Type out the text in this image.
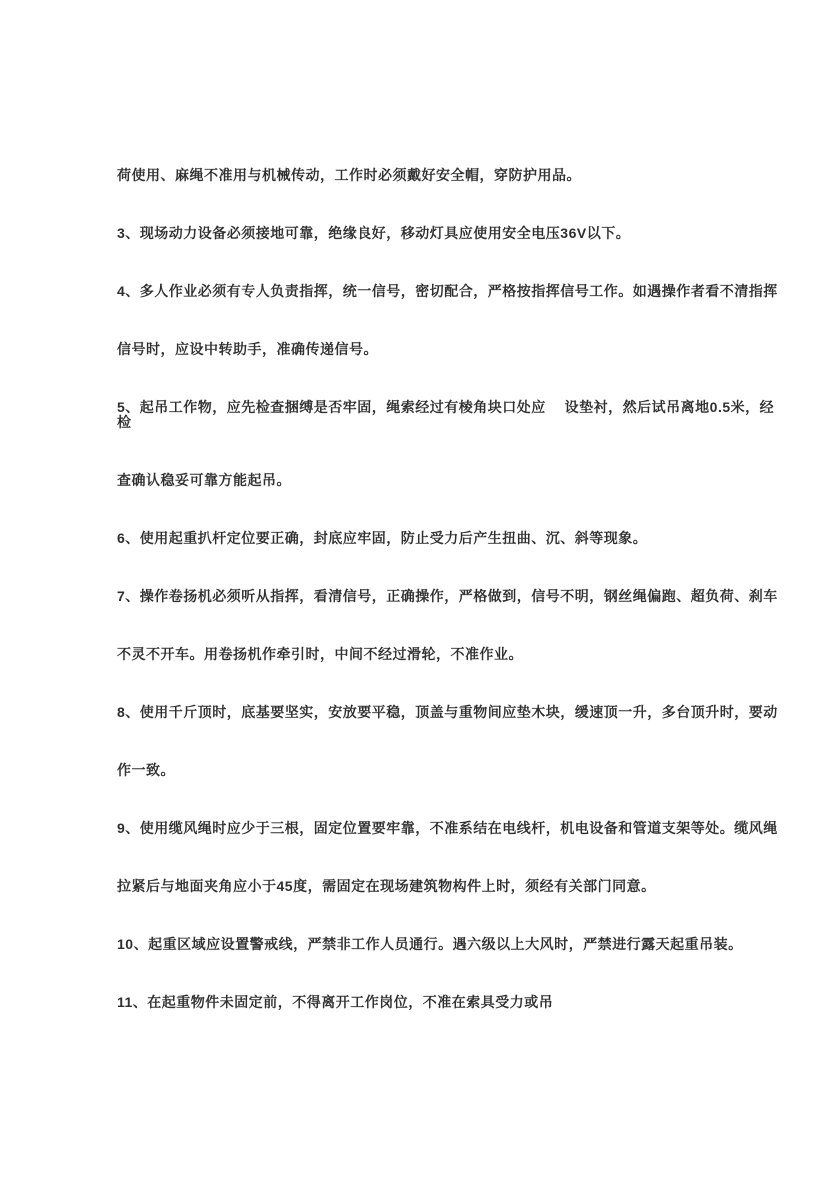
荷使用、麻绳不准用与机械传动，工作时必须戴好安全帽，穿防护用品。
3、现场动力设备必须接地可靠，绝缘良好，移动灯具应使用安全电压36V以下。
4、多人作业必须有专人负责指挥，统一信号，密切配合，严格按指挥信号工作。如遇操作者看不清指挥
信号时，应设中转助手，准确传递信号。
5、起吊工作物，应先检查捆缚是否牢固，绳索经过有棱角块口处应　 设垫衬，然后试吊离地0.5米，经
检
查确认稳妥可靠方能起吊。
6、使用起重扒杆定位要正确，封底应牢固，防止受力后产生扭曲、沉、斜等现象。
7、操作卷扬机必须听从指挥，看清信号，正确操作，严格做到，信号不明，钢丝绳偏跑、超负荷、刹车
不灵不开车。用卷扬机作牵引时，中间不经过滑轮，不准作业。
8、使用千斤顶时，底基要坚实，安放要平稳，顶盖与重物间应垫木块，缓速顶一升，多台顶升时，要动
作一致。
9、使用缆风绳时应少于三根，固定位置要牢靠，不准系结在电线杆，机电设备和管道支架等处。缆风绳
拉紧后与地面夹角应小于45度，需固定在现场建筑物构件上时，须经有关部门同意。
10、起重区域应设置警戒线，严禁非工作人员通行。遇六级以上大风时，严禁进行露天起重吊装。
11、在起重物件未固定前，不得离开工作岗位，不准在索具受力或吊
